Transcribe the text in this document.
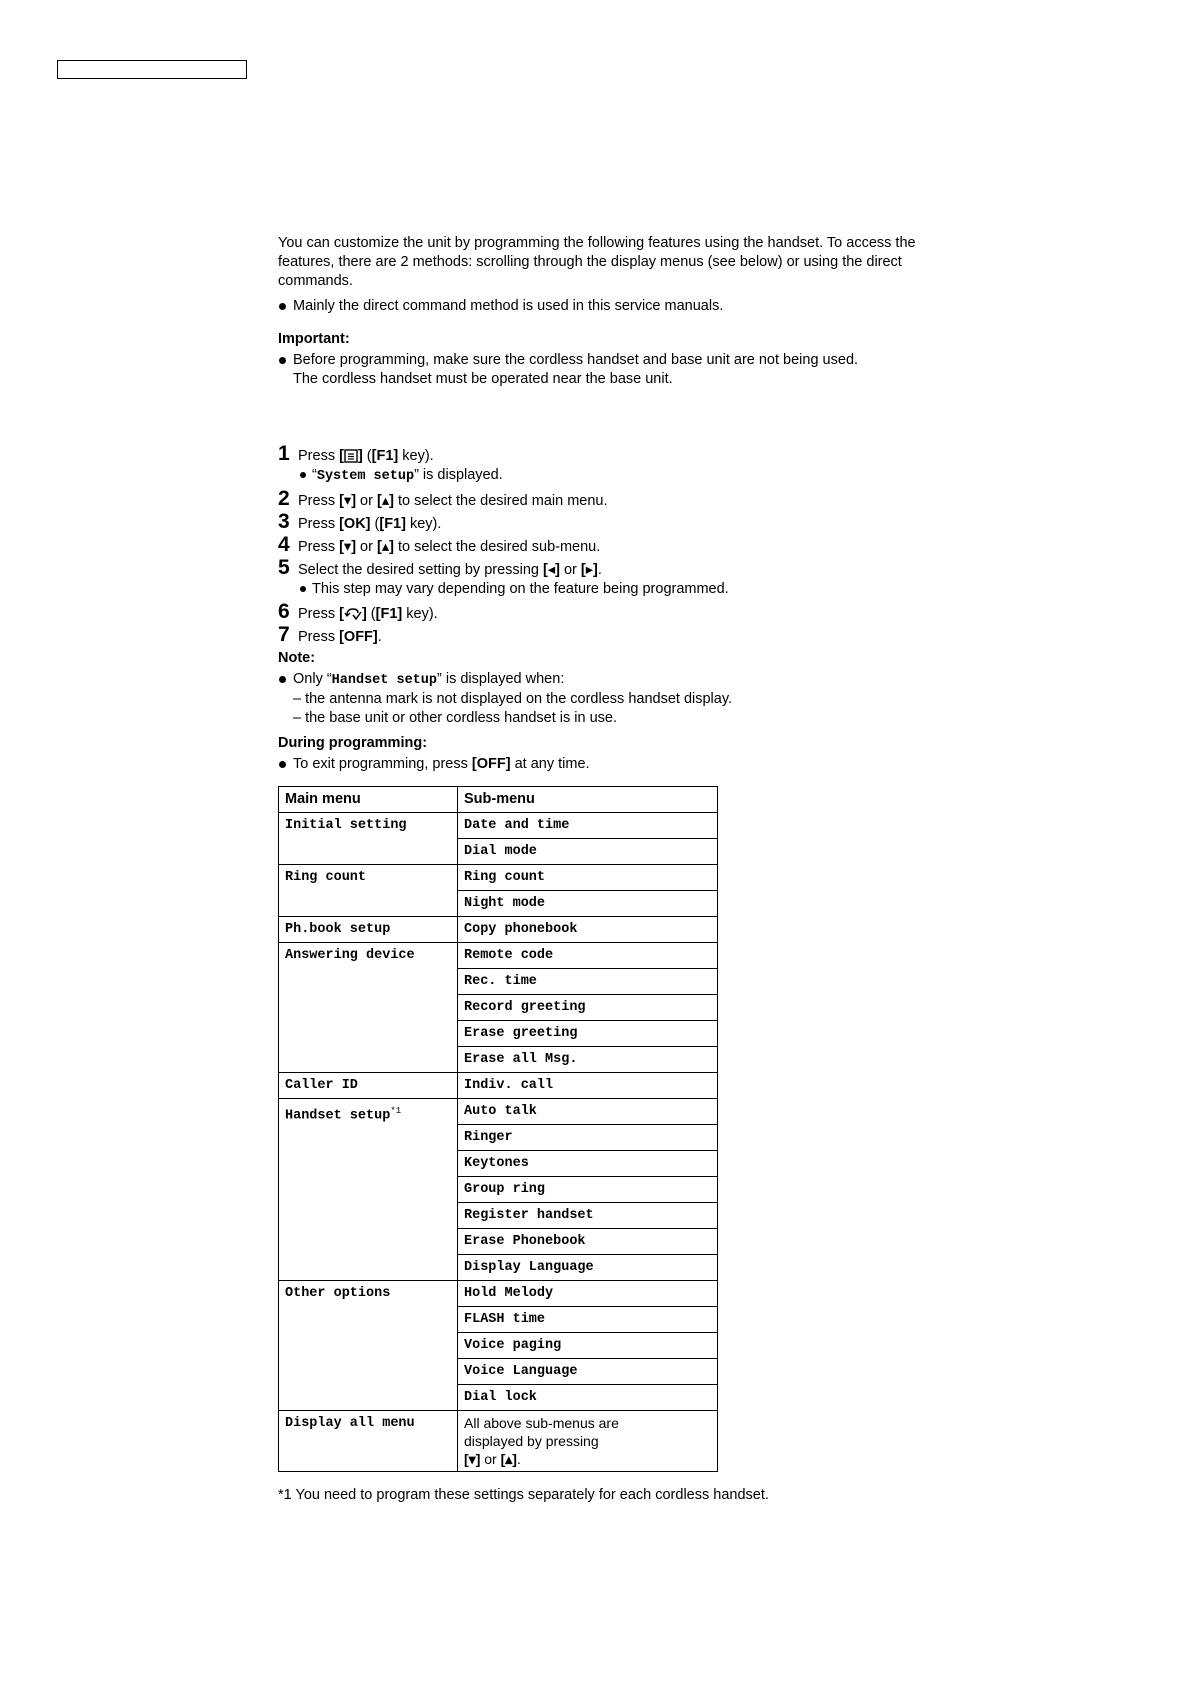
You can customize the unit by programming the following features using the handset. To access the features, there are 2 methods: scrolling through the display menus (see below) or using the direct commands.

Mainly the direct command method is used in this service manuals.

Important:

Before programming, make sure the cordless handset and base unit are not being used.
The cordless handset must be operated near the base unit.

1 Press [ ] ([F1] key).

“System setup” is displayed.

2 Press [▾] or [▴] to select the desired main menu.
3 Press [OK] ([F1] key).
4 Press [▾] or [▴] to select the desired sub-menu.
5 Select the desired setting by pressing [◂] or [▸].

This step may vary depending on the feature being programmed.

6 Press [ ] ([F1] key).
7 Press [OFF].

Note:

Only “Handset setup” is displayed when:

– the antenna mark is not displayed on the cordless handset display.

– the base unit or other cordless handset is in use.

During programming:

To exit programming, press [OFF] at any time.

Main menu	Sub-menu
Initial setting	Date and time
	Dial mode
Ring count	Ring count
	Night mode
Ph.book setup	Copy phonebook
Answering device	Remote code
	Rec. time
	Record greeting
	Erase greeting
	Erase all Msg.
Caller ID	Indiv. call
Handset setup$^{*1}$	Auto talk
	Ringer
	Keytones
	Group ring
	Register handset
	Erase Phonebook
	Display Language
Other options	Hold Melody
	FLASH time
	Voice paging
	Voice Language
	Dial lock
Display all menu	All above sub-menus are
displayed by pressing
[▾] or [▴].

*1 You need to program these settings separately for each cordless handset.
